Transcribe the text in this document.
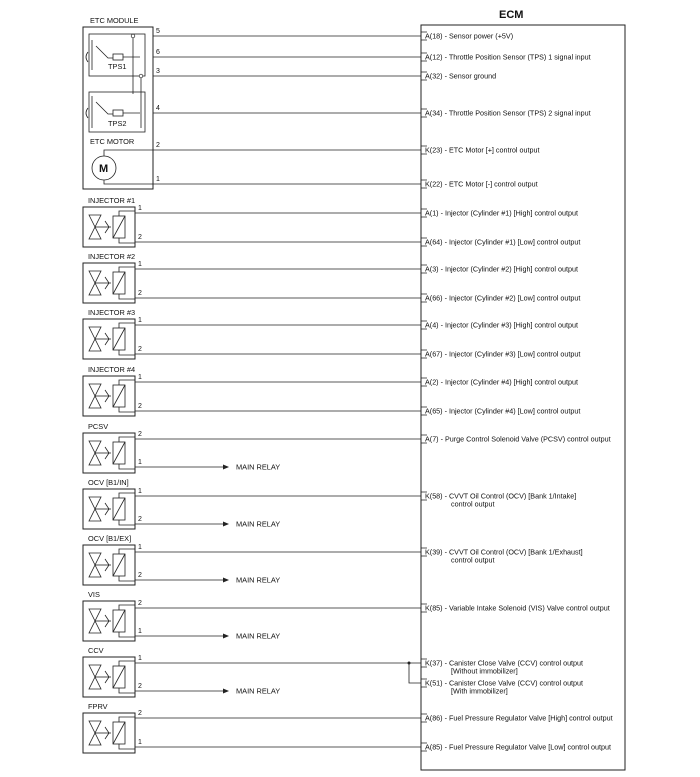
ECM
ETC MODULE
TPS1
TPS2
ETC MOTOR
M
A(18) - Sensor power (+5V)
5
A(12) - Throttle Position Sensor (TPS) 1 signal input
6
A(32) - Sensor ground
3
A(34) - Throttle Position Sensor (TPS) 2 signal input
4
K(23) - ETC Motor [+] control output
2
K(22) - ETC Motor [-] control output
1
A(1) - Injector (Cylinder #1) [High] control output
1
A(64) - Injector (Cylinder #1) [Low] control output
2
A(3) - Injector (Cylinder #2) [High] control output
1
A(66) - Injector (Cylinder #2) [Low] control output
2
A(4) - Injector (Cylinder #3) [High] control output
1
A(67) - Injector (Cylinder #3) [Low] control output
2
A(2) - Injector (Cylinder #4) [High] control output
1
A(65) - Injector (Cylinder #4) [Low] control output
2
A(7) - Purge Control Solenoid Valve (PCSV) control output
2
K(58) - CVVT Oil Control (OCV) [Bank 1/Intake]
control output
1
K(39) - CVVT Oil Control (OCV) [Bank 1/Exhaust]
control output
1
K(85) - Variable Intake Solenoid (VIS) Valve control output
2
K(37) - Canister Close Valve (CCV) control output
[Without immobilizer]
1
K(51) - Canister Close Valve (CCV) control output
[With immobilizer]
A(86) - Fuel Pressure Regulator Valve [High] control output
2
A(85) - Fuel Pressure Regulator Valve [Low] control output
1
INJECTOR #1
INJECTOR #2
INJECTOR #3
INJECTOR #4
PCSV
MAIN RELAY
1
OCV [B1/IN]
MAIN RELAY
2
OCV [B1/EX]
MAIN RELAY
2
VIS
MAIN RELAY
1
CCV
MAIN RELAY
2
FPRV
